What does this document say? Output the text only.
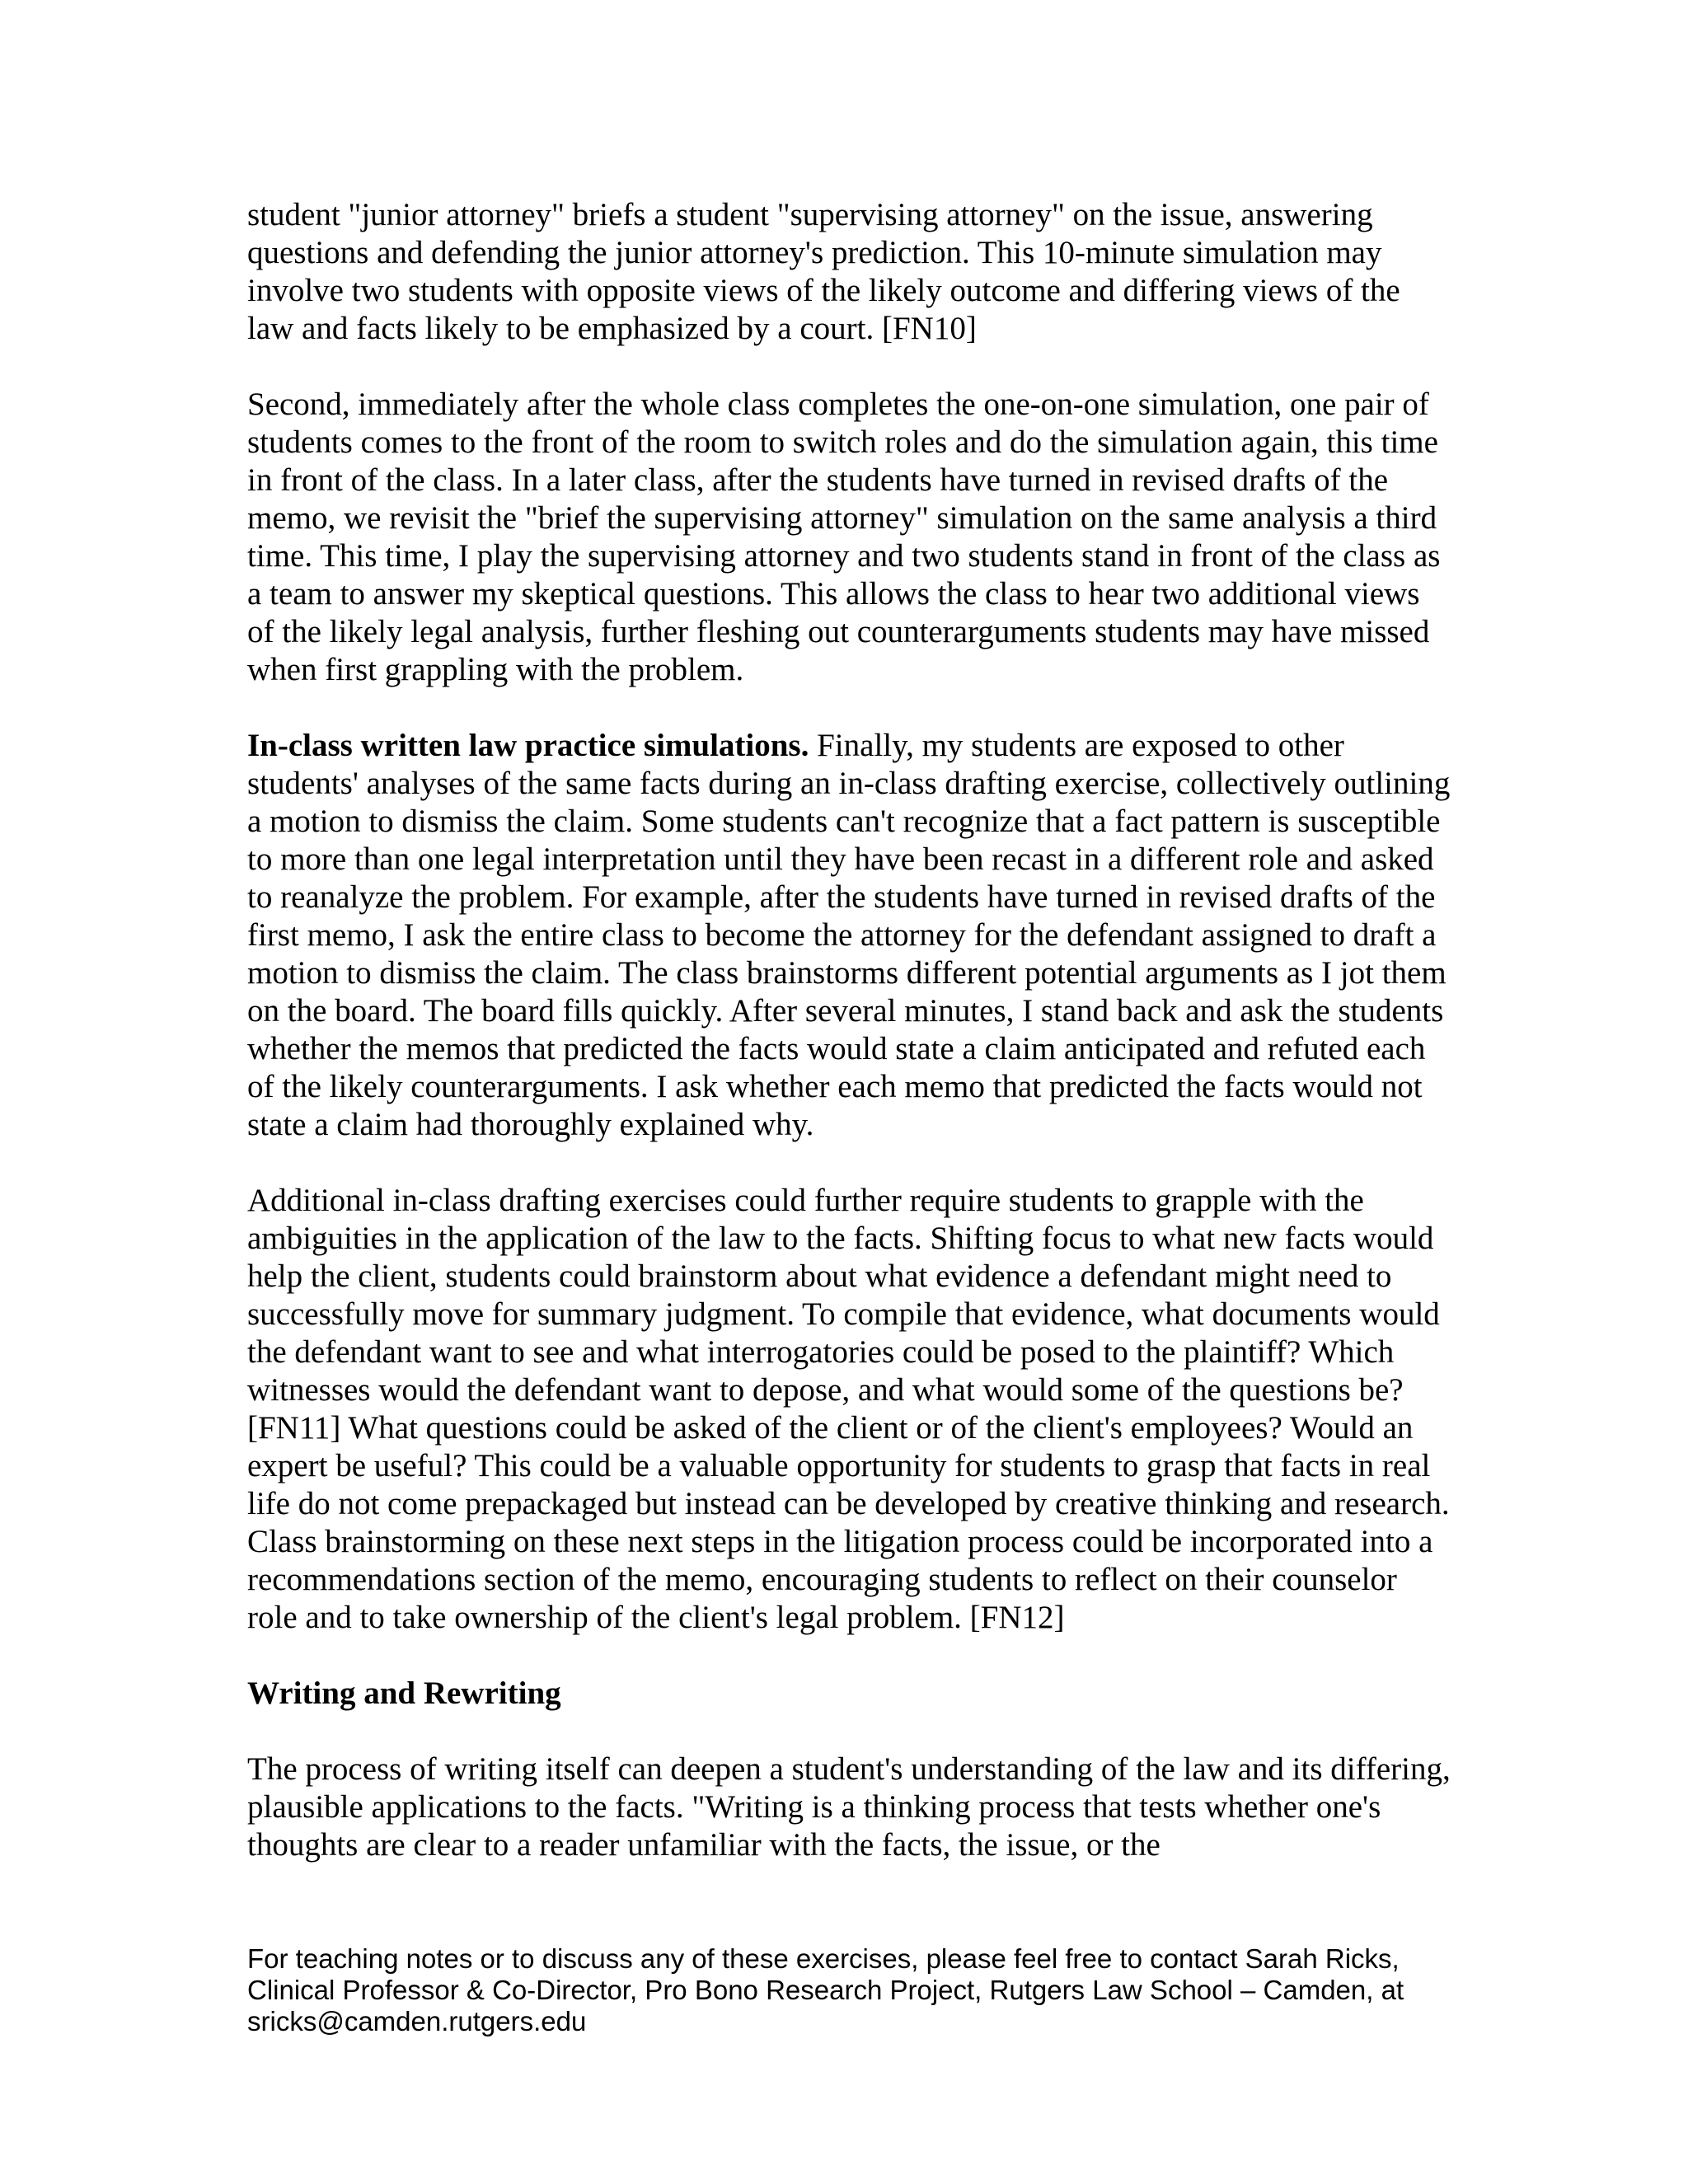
student "junior attorney" briefs a student "supervising attorney" on the issue, answering questions and defending the junior attorney's prediction. This 10-minute simulation may involve two students with opposite views of the likely outcome and differing views of the law and facts likely to be emphasized by a court. [FN10]

Second, immediately after the whole class completes the one-on-one simulation, one pair of students comes to the front of the room to switch roles and do the simulation again, this time in front of the class. In a later class, after the students have turned in revised drafts of the memo, we revisit the "brief the supervising attorney" simulation on the same analysis a third time. This time, I play the supervising attorney and two students stand in front of the class as a team to answer my skeptical questions. This allows the class to hear two additional views of the likely legal analysis, further fleshing out counterarguments students may have missed when first grappling with the problem.

In-class written law practice simulations. Finally, my students are exposed to other students' analyses of the same facts during an in-class drafting exercise, collectively outlining a motion to dismiss the claim. Some students can't recognize that a fact pattern is susceptible to more than one legal interpretation until they have been recast in a different role and asked to reanalyze the problem. For example, after the students have turned in revised drafts of the first memo, I ask the entire class to become the attorney for the defendant assigned to draft a motion to dismiss the claim. The class brainstorms different potential arguments as I jot them on the board. The board fills quickly. After several minutes, I stand back and ask the students whether the memos that predicted the facts would state a claim anticipated and refuted each of the likely counterarguments. I ask whether each memo that predicted the facts would not state a claim had thoroughly explained why.

Additional in-class drafting exercises could further require students to grapple with the ambiguities in the application of the law to the facts. Shifting focus to what new facts would help the client, students could brainstorm about what evidence a defendant might need to successfully move for summary judgment. To compile that evidence, what documents would the defendant want to see and what interrogatories could be posed to the plaintiff? Which witnesses would the defendant want to depose, and what would some of the questions be? [FN11] What questions could be asked of the client or of the client's employees? Would an expert be useful? This could be a valuable opportunity for students to grasp that facts in real life do not come prepackaged but instead can be developed by creative thinking and research. Class brainstorming on these next steps in the litigation process could be incorporated into a recommendations section of the memo, encouraging students to reflect on their counselor role and to take ownership of the client's legal problem. [FN12]

Writing and Rewriting

The process of writing itself can deepen a student's understanding of the law and its differing, plausible applications to the facts. "Writing is a thinking process that tests whether one's thoughts are clear to a reader unfamiliar with the facts, the issue, or the

For teaching notes or to discuss any of these exercises, please feel free to contact Sarah Ricks, Clinical Professor & Co-Director, Pro Bono Research Project, Rutgers Law School – Camden, at sricks@camden.rutgers.edu
